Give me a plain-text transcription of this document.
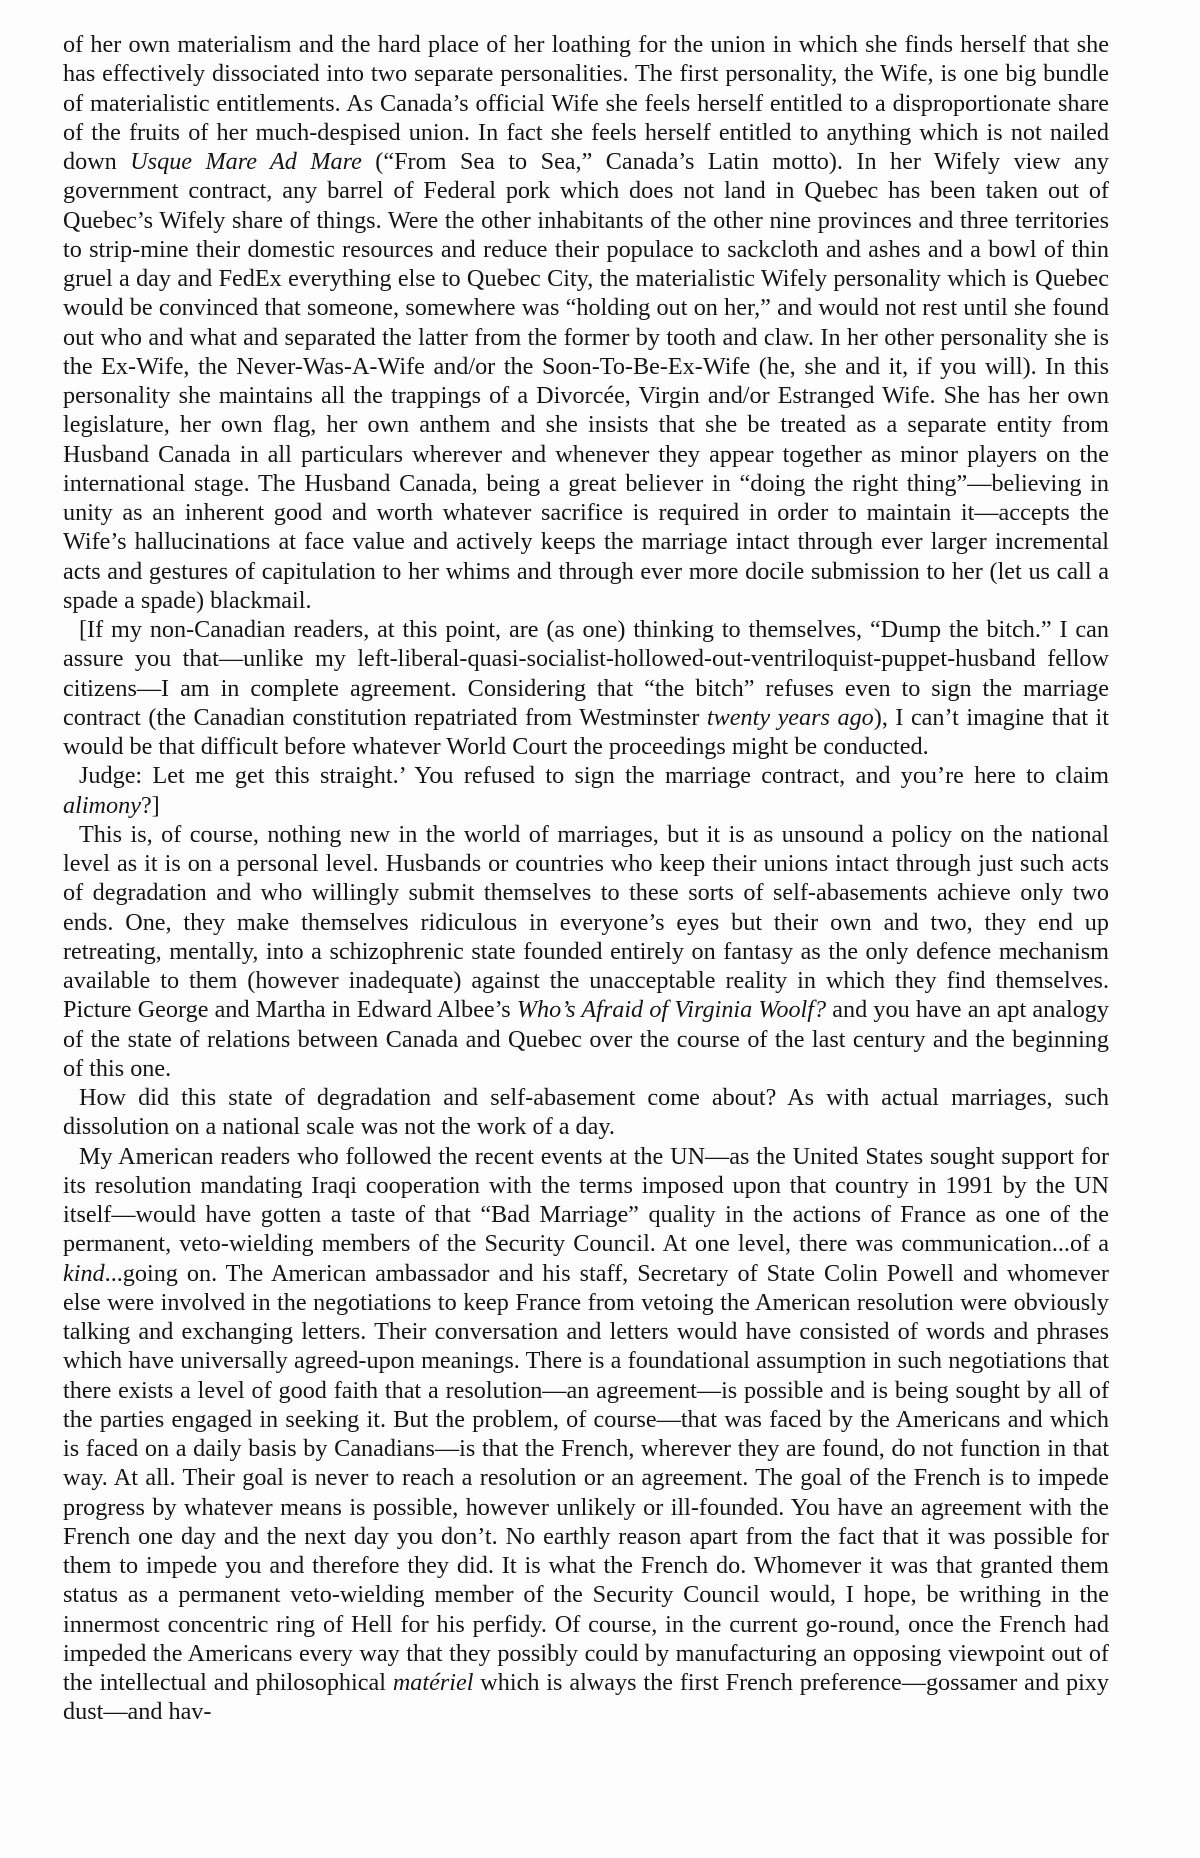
of her own materialism and the hard place of her loathing for the union in which she finds herself that she has effectively dissociated into two separate personalities. The first personality, the Wife, is one big bundle of materialistic entitlements. As Canada’s official Wife she feels herself entitled to a disproportionate share of the fruits of her much-despised union. In fact she feels herself entitled to anything which is not nailed down Usque Mare Ad Mare (“From Sea to Sea,” Canada’s Latin motto). In her Wifely view any government contract, any barrel of Federal pork which does not land in Quebec has been taken out of Quebec’s Wifely share of things. Were the other inhabitants of the other nine provinces and three territories to strip-mine their domestic resources and reduce their populace to sackcloth and ashes and a bowl of thin gruel a day and FedEx everything else to Quebec City, the materialistic Wifely personality which is Quebec would be convinced that someone, somewhere was “holding out on her,” and would not rest until she found out who and what and separated the latter from the former by tooth and claw. In her other personality she is the Ex-Wife, the Never-Was-A-Wife and/or the Soon-To-Be-Ex-Wife (he, she and it, if you will). In this personality she maintains all the trappings of a Divorcée, Virgin and/or Estranged Wife. She has her own legislature, her own flag, her own anthem and she insists that she be treated as a separate entity from Husband Canada in all particulars wherever and whenever they appear together as minor players on the international stage. The Husband Canada, being a great believer in “doing the right thing”—believing in unity as an inherent good and worth whatever sacrifice is required in order to maintain it—accepts the Wife’s hallucinations at face value and actively keeps the marriage intact through ever larger incremental acts and gestures of capitulation to her whims and through ever more docile submission to her (let us call a spade a spade) blackmail.

[If my non-Canadian readers, at this point, are (as one) thinking to themselves, “Dump the bitch.” I can assure you that—unlike my left-liberal-quasi-socialist-hollowed-out-ventriloquist-puppet-husband fellow citizens—I am in complete agreement. Considering that “the bitch” refuses even to sign the marriage contract (the Canadian constitution repatriated from Westminster twenty years ago), I can’t imagine that it would be that difficult before whatever World Court the proceedings might be conducted.

Judge: Let me get this straight.’ You refused to sign the marriage contract, and you’re here to claim alimony?]

This is, of course, nothing new in the world of marriages, but it is as unsound a policy on the national level as it is on a personal level. Husbands or countries who keep their unions intact through just such acts of degradation and who willingly submit themselves to these sorts of self-abasements achieve only two ends. One, they make themselves ridiculous in everyone’s eyes but their own and two, they end up retreating, mentally, into a schizophrenic state founded entirely on fantasy as the only defence mechanism available to them (however inadequate) against the unacceptable reality in which they find themselves. Picture George and Martha in Edward Albee’s Who’s Afraid of Virginia Woolf? and you have an apt analogy of the state of relations between Canada and Quebec over the course of the last century and the beginning of this one.

How did this state of degradation and self-abasement come about? As with actual marriages, such dissolution on a national scale was not the work of a day.

My American readers who followed the recent events at the UN—as the United States sought support for its resolution mandating Iraqi cooperation with the terms imposed upon that country in 1991 by the UN itself—would have gotten a taste of that “Bad Marriage” quality in the actions of France as one of the permanent, veto-wielding members of the Security Council. At one level, there was communication...of a kind...going on. The American ambassador and his staff, Secretary of State Colin Powell and whomever else were involved in the negotiations to keep France from vetoing the American resolution were obviously talking and exchanging letters. Their conversation and letters would have consisted of words and phrases which have universally agreed-upon meanings. There is a foundational assumption in such negotiations that there exists a level of good faith that a resolution—an agreement—is possible and is being sought by all of the parties engaged in seeking it. But the problem, of course—that was faced by the Americans and which is faced on a daily basis by Canadians—is that the French, wherever they are found, do not function in that way. At all. Their goal is never to reach a resolution or an agreement. The goal of the French is to impede progress by whatever means is possible, however unlikely or ill-founded. You have an agreement with the French one day and the next day you don’t. No earthly reason apart from the fact that it was possible for them to impede you and therefore they did. It is what the French do. Whomever it was that granted them status as a permanent veto-wielding member of the Security Council would, I hope, be writhing in the innermost concentric ring of Hell for his perfidy. Of course, in the current go-round, once the French had impeded the Americans every way that they possibly could by manufacturing an opposing viewpoint out of the intellectual and philosophical matériel which is always the first French preference—gossamer and pixy dust—and hav-
